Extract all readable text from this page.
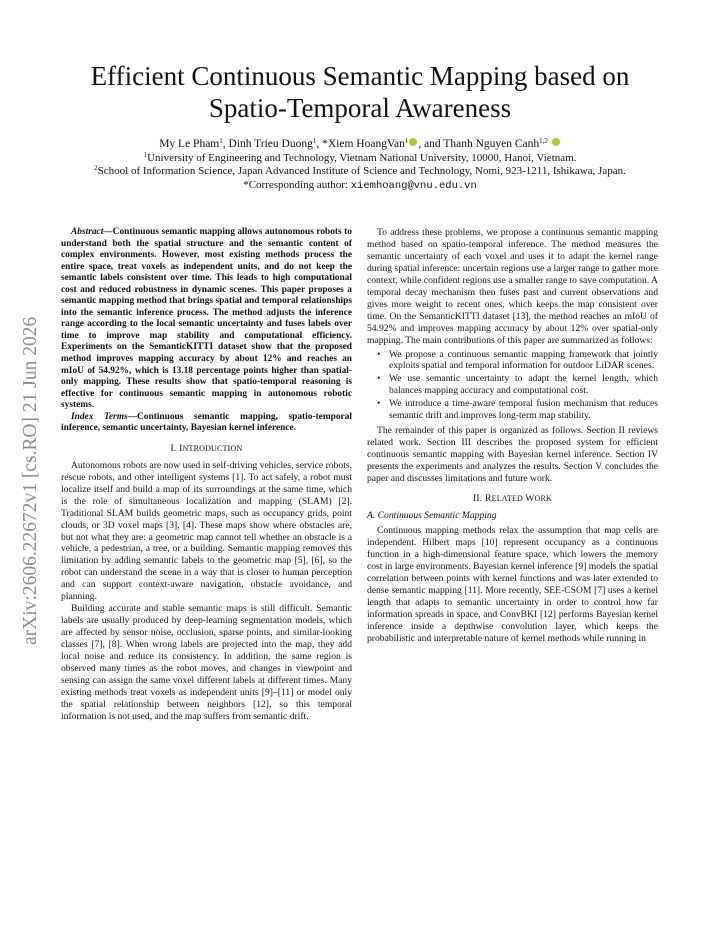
arXiv:2606.22672v1 [cs.RO] 21 Jun 2026
Efficient Continuous Semantic Mapping based on
Spatio-Temporal Awareness
My Le Pham$^1$, Dinh Trieu Duong$^1$, *Xiem HoangVan$^1$ , and Thanh Nguyen Canh$^{1,2}$
$^1$University of Engineering and Technology, Vietnam National University, 10000, Hanoi, Vietnam.
$^2$School of Information Science, Japan Advanced Institute of Science and Technology, Nomi, 923-1211, Ishikawa, Japan.
*Corresponding author: xiemhoang@vnu.edu.vn

Abstract—Continuous semantic mapping allows autonomous robots to understand both the spatial structure and the semantic content of complex environments. However, most existing methods process the entire space, treat voxels as independent units, and do not keep the semantic labels consistent over time. This leads to high computational cost and reduced robustness in dynamic scenes. This paper proposes a semantic mapping method that brings spatial and temporal relationships into the semantic inference process. The method adjusts the inference range according to the local semantic uncertainty and fuses labels over time to improve map stability and computational efficiency. Experiments on the SemanticKITTI dataset show that the proposed method improves mapping accuracy by about 12% and reaches an mIoU of 54.92%, which is 13.18 percentage points higher than spatial-only mapping. These results show that spatio-temporal reasoning is effective for continuous semantic mapping in autonomous robotic systems.

Index Terms—Continuous semantic mapping, spatio-temporal inference, semantic uncertainty, Bayesian kernel inference.

I. INTRODUCTION

Autonomous robots are now used in self-driving vehicles, service robots, rescue robots, and other intelligent systems [1]. To act safely, a robot must localize itself and build a map of its surroundings at the same time, which is the role of simultaneous localization and mapping (SLAM) [2]. Traditional SLAM builds geometric maps, such as occupancy grids, point clouds, or 3D voxel maps [3], [4]. These maps show where obstacles are, but not what they are: a geometric map cannot tell whether an obstacle is a vehicle, a pedestrian, a tree, or a building. Semantic mapping removes this limitation by adding semantic labels to the geometric map [5], [6], so the robot can understand the scene in a way that is closer to human perception and can support context-aware navigation, obstacle avoidance, and planning.

Building accurate and stable semantic maps is still difficult. Semantic labels are usually produced by deep-learning segmentation models, which are affected by sensor noise, occlusion, sparse points, and similar-looking classes [7], [8]. When wrong labels are projected into the map, they add local noise and reduce its consistency. In addition, the same region is observed many times as the robot moves, and changes in viewpoint and sensing can assign the same voxel different labels at different times. Many existing methods treat voxels as independent units [9]–[11] or model only the spatial relationship between neighbors [12], so this temporal information is not used, and the map suffers from semantic drift.

To address these problems, we propose a continuous semantic mapping method based on spatio-temporal inference. The method measures the semantic uncertainty of each voxel and uses it to adapt the kernel range during spatial inference: uncertain regions use a larger range to gather more context, while confident regions use a smaller range to save computation. A temporal decay mechanism then fuses past and current observations and gives more weight to recent ones, which keeps the map consistent over time. On the SemanticKITTI dataset [13], the method reaches an mIoU of 54.92% and improves mapping accuracy by about 12% over spatial-only mapping. The main contributions of this paper are summarized as follows:

• We propose a continuous semantic mapping framework that jointly exploits spatial and temporal information for outdoor LiDAR scenes.
• We use semantic uncertainty to adapt the kernel length, which balances mapping accuracy and computational cost.
• We introduce a time-aware temporal fusion mechanism that reduces semantic drift and improves long-term map stability.

The remainder of this paper is organized as follows. Section II reviews related work. Section III describes the proposed system for efficient continuous semantic mapping with Bayesian kernel inference. Section IV presents the experiments and analyzes the results. Section V concludes the paper and discusses limitations and future work.

II. RELATED WORK
A. Continuous Semantic Mapping

Continuous mapping methods relax the assumption that map cells are independent. Hilbert maps [10] represent occupancy as a continuous function in a high-dimensional feature space, which lowers the memory cost in large environments. Bayesian kernel inference [9] models the spatial correlation between points with kernel functions and was later extended to dense semantic mapping [11]. More recently, SEE-CSOM [7] uses a kernel length that adapts to semantic uncertainty in order to control how far information spreads in space, and ConvBKI [12] performs Bayesian kernel inference inside a depthwise convolution layer, which keeps the probabilistic and interpretable nature of kernel methods while running in
